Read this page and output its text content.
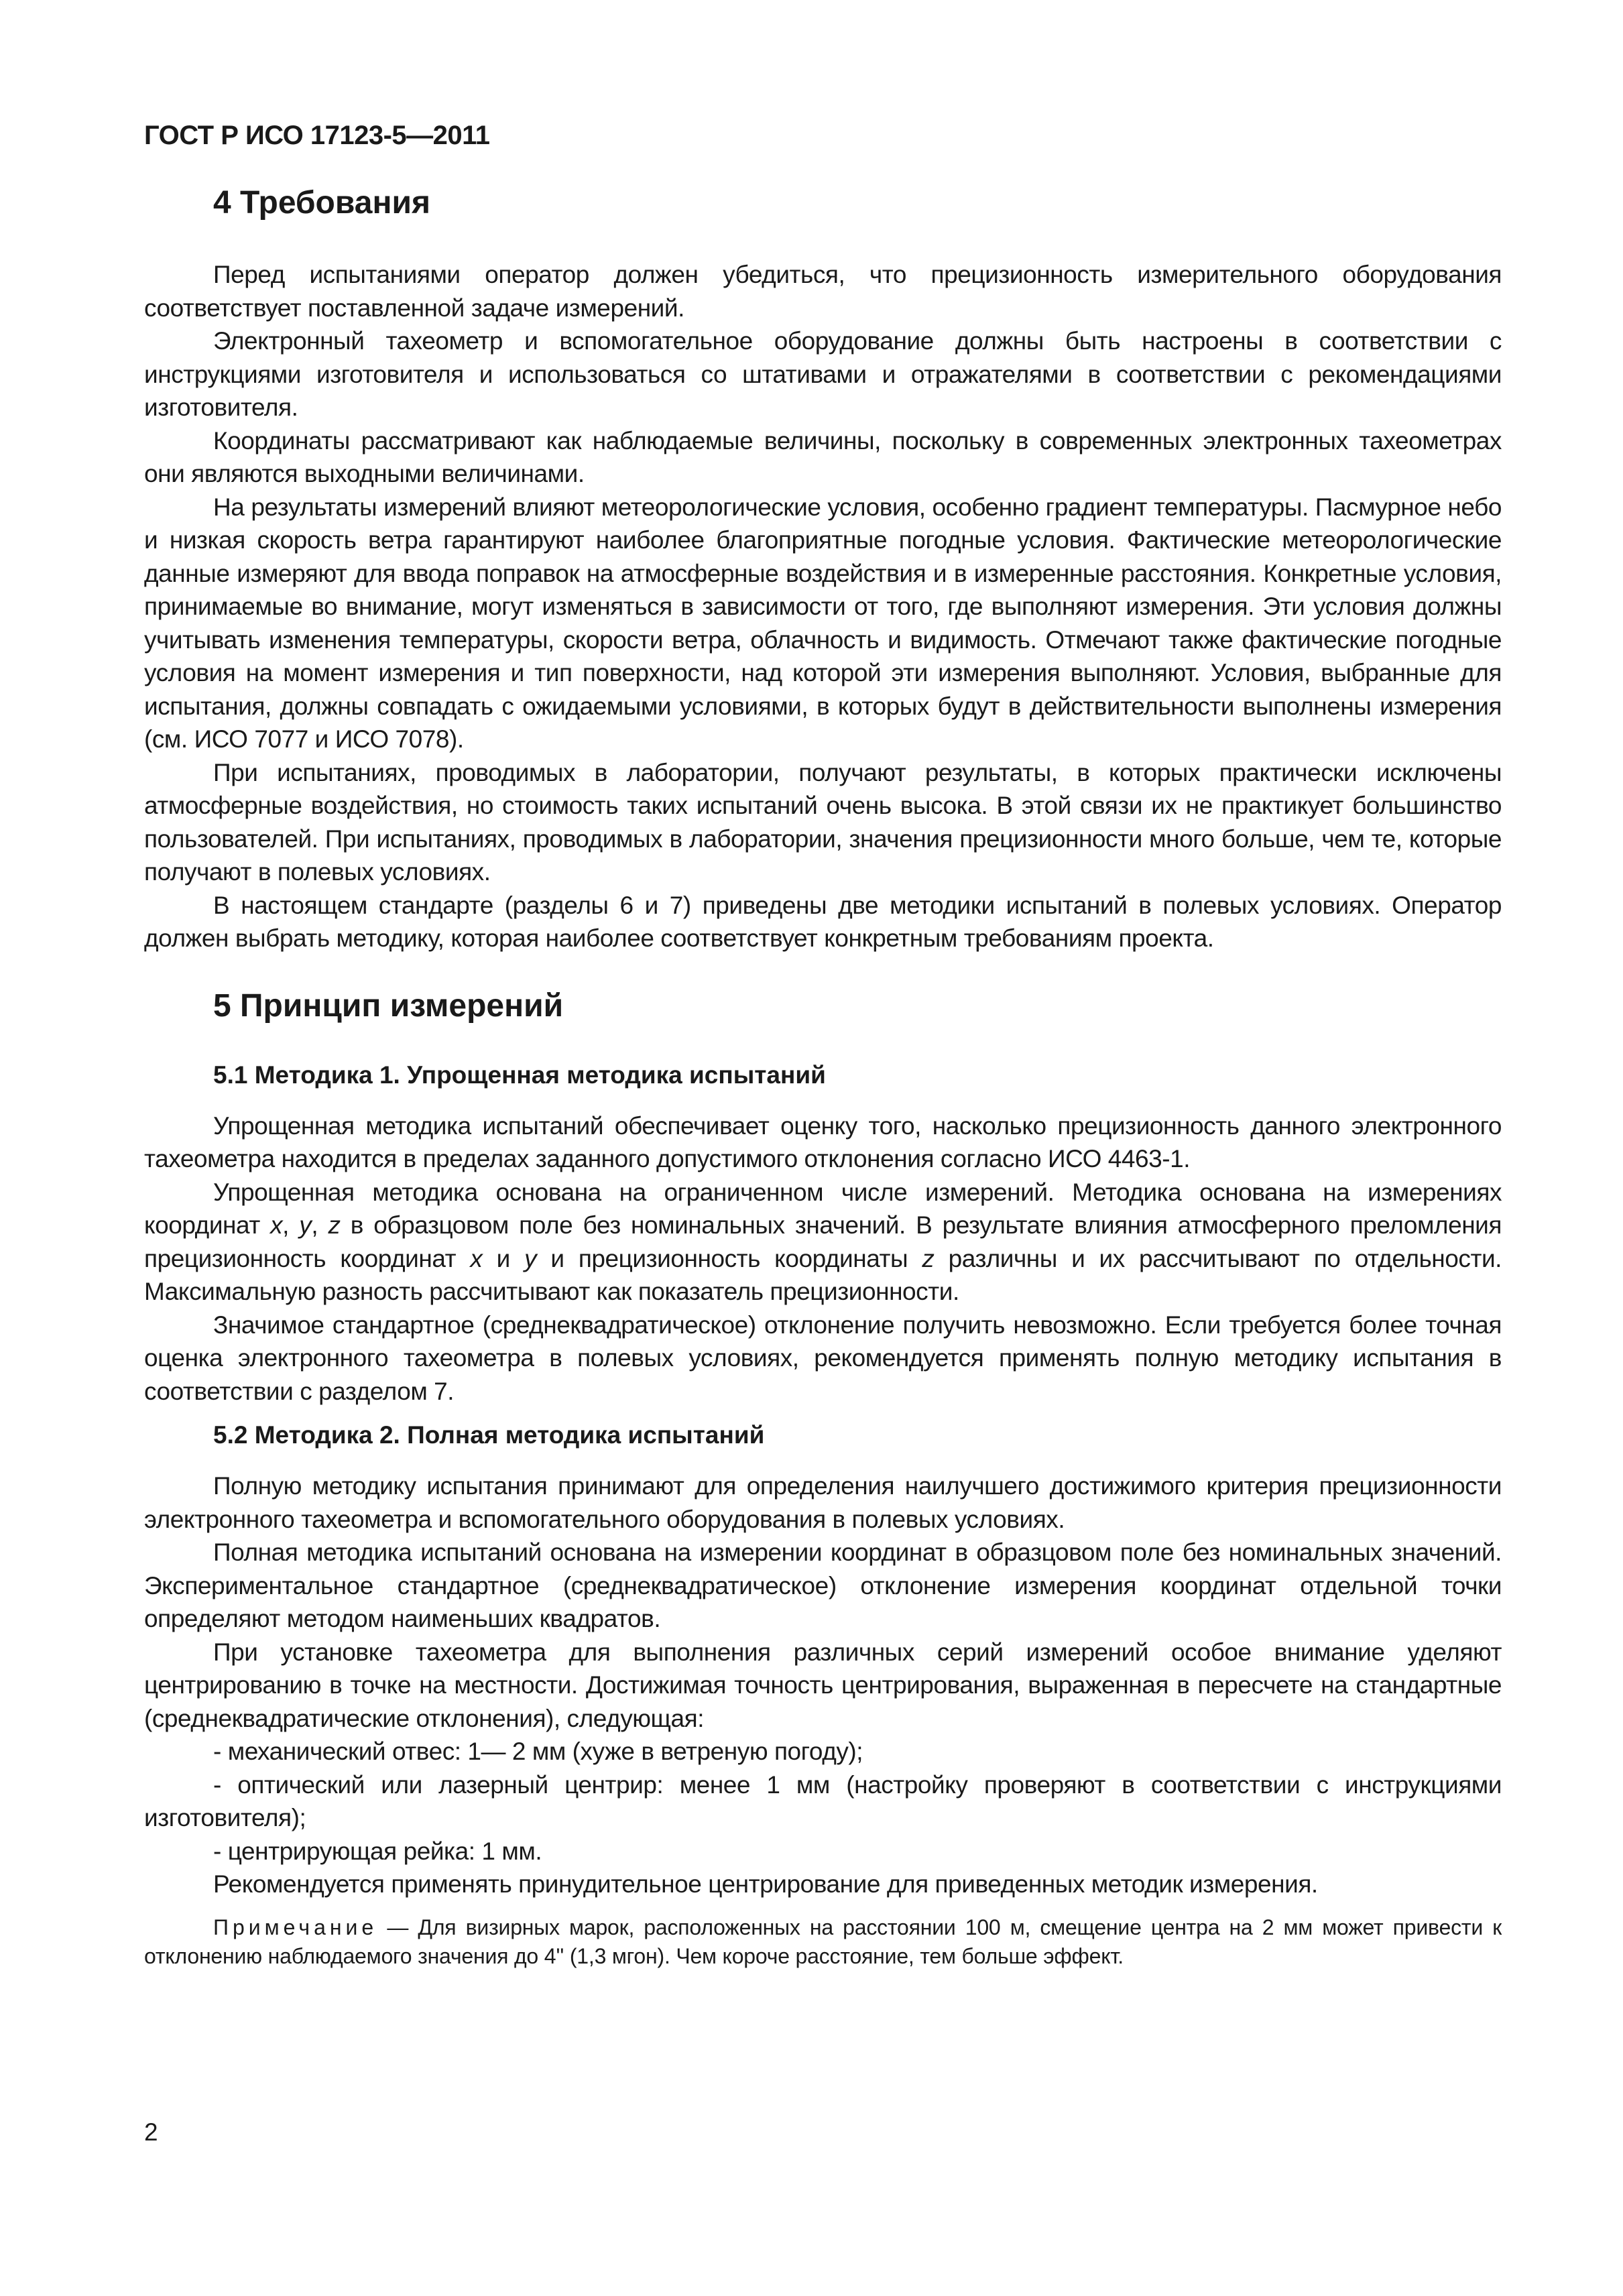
ГОСТ Р ИСО 17123-5—2011
4 Требования

Перед испытаниями оператор должен убедиться, что прецизионность измерительного оборудования соответствует поставленной задаче измерений.

Электронный тахеометр и вспомогательное оборудование должны быть настроены в соответствии с инструкциями изготовителя и использоваться со штативами и отражателями в соответствии с рекомендациями изготовителя.

Координаты рассматривают как наблюдаемые величины, поскольку в современных электронных тахеометрах они являются выходными величинами.

На результаты измерений влияют метеорологические условия, особенно градиент температуры. Пасмурное небо и низкая скорость ветра гарантируют наиболее благоприятные погодные условия. Фактические метеорологические данные измеряют для ввода поправок на атмосферные воздействия и в измеренные расстояния. Конкретные условия, принимаемые во внимание, могут изменяться в зависимости от того, где выполняют измерения. Эти условия должны учитывать изменения температуры, скорости ветра, облачность и видимость. Отмечают также фактические погодные условия на момент измерения и тип поверхности, над которой эти измерения выполняют. Условия, выбранные для испытания, должны совпадать с ожидаемыми условиями, в которых будут в действительности выполнены измерения (см. ИСО 7077 и ИСО 7078).

При испытаниях, проводимых в лаборатории, получают результаты, в которых практически исключены атмосферные воздействия, но стоимость таких испытаний очень высока. В этой связи их не практикует большинство пользователей. При испытаниях, проводимых в лаборатории, значения прецизионности много больше, чем те, которые получают в полевых условиях.

В настоящем стандарте (разделы 6 и 7) приведены две методики испытаний в полевых условиях. Оператор должен выбрать методику, которая наиболее соответствует конкретным требованиям проекта.

5 Принцип измерений
5.1 Методика 1. Упрощенная методика испытаний

Упрощенная методика испытаний обеспечивает оценку того, насколько прецизионность данного электронного тахеометра находится в пределах заданного допустимого отклонения согласно ИСО 4463-1.

Упрощенная методика основана на ограниченном числе измерений. Методика основана на измерениях координат x, y, z в образцовом поле без номинальных значений. В результате влияния атмосферного преломления прецизионность координат x и y и прецизионность координаты z различны и их рассчитывают по отдельности. Максимальную разность рассчитывают как показатель прецизионности.

Значимое стандартное (среднеквадратическое) отклонение получить невозможно. Если требуется более точная оценка электронного тахеометра в полевых условиях, рекомендуется применять полную методику испытания в соответствии с разделом 7.

5.2 Методика 2. Полная методика испытаний

Полную методику испытания принимают для определения наилучшего достижимого критерия прецизионности электронного тахеометра и вспомогательного оборудования в полевых условиях.

Полная методика испытаний основана на измерении координат в образцовом поле без номинальных значений. Экспериментальное стандартное (среднеквадратическое) отклонение измерения координат отдельной точки определяют методом наименьших квадратов.

При установке тахеометра для выполнения различных серий измерений особое внимание уделяют центрированию в точке на местности. Достижимая точность центрирования, выраженная в пересчете на стандартные (среднеквадратические отклонения), следующая:

- механический отвес: 1— 2 мм (хуже в ветреную погоду);

- оптический или лазерный центрир: менее 1 мм (настройку проверяют в соответствии с инструкциями изготовителя);

- центрирующая рейка: 1 мм.

Рекомендуется применять принудительное центрирование для приведенных методик измерения.

Примечание — Для визирных марок, расположенных на расстоянии 100 м, смещение центра на 2 мм может привести к отклонению наблюдаемого значения до 4'' (1,3 мгон). Чем короче расстояние, тем больше эффект.

2
